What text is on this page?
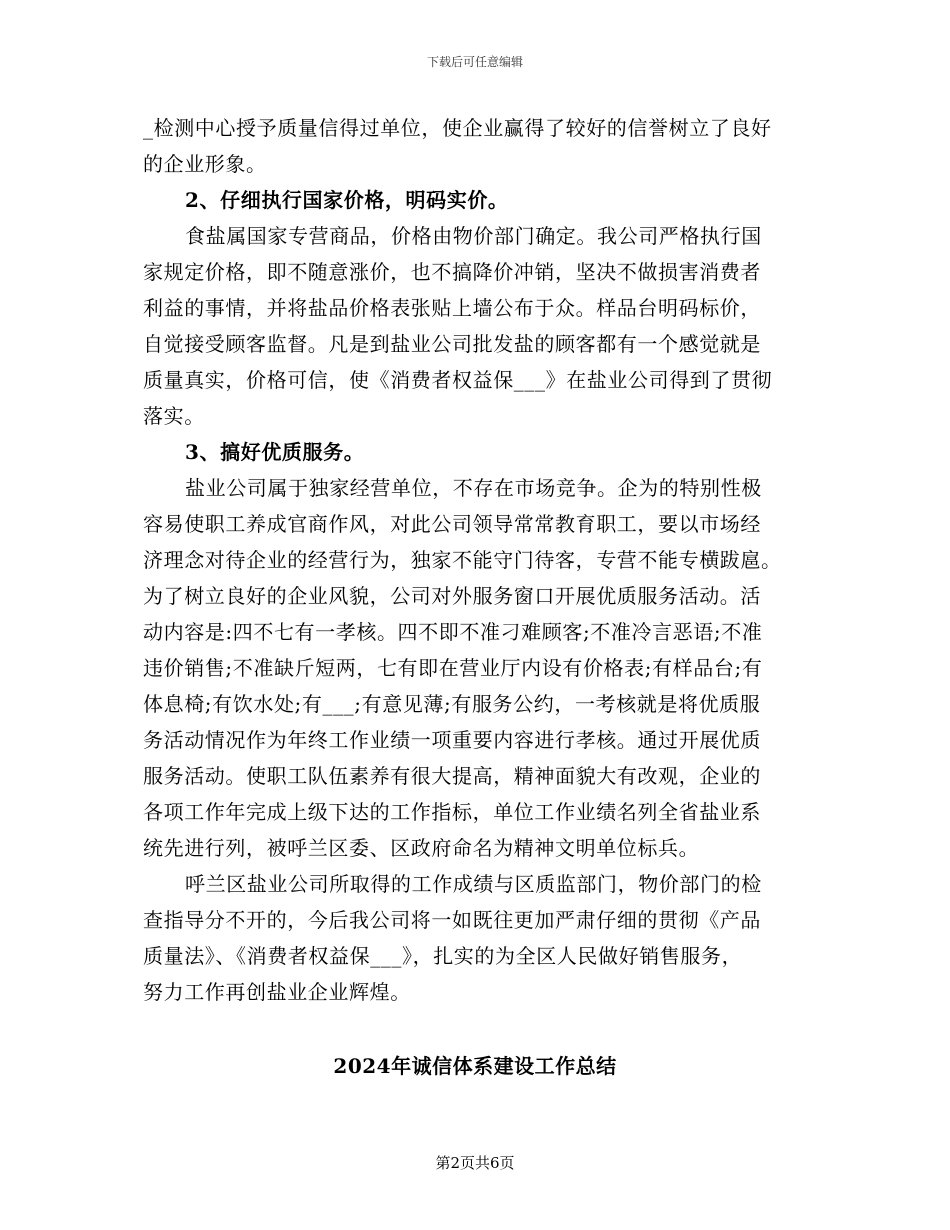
下载后可任意编辑
_检测中心授予质量信得过单位，使企业赢得了较好的信誉树立了良好
的企业形象。
2、仔细执行国家价格，明码实价。
食盐属国家专营商品，价格由物价部门确定。我公司严格执行国
家规定价格，即不随意涨价，也不搞降价冲销，坚决不做损害消费者
利益的事情，并将盐品价格表张贴上墙公布于众。样品台明码标价，
自觉接受顾客监督。凡是到盐业公司批发盐的顾客都有一个感觉就是
质量真实，价格可信，使《消费者权益保___》在盐业公司得到了贯彻
落实。
3、搞好优质服务。
盐业公司属于独家经营单位，不存在市场竞争。企为的特别性极
容易使职工养成官商作风，对此公司领导常常教育职工，要以市场经
济理念对待企业的经营行为，独家不能守门待客，专营不能专横跋扈。
为了树立良好的企业风貌，公司对外服务窗口开展优质服务活动。活
动内容是:四不七有一孝核。四不即不准刁难顾客;不准冷言恶语;不准
违价销售;不准缺斤短两，七有即在营业厅内设有价格表;有样品台;有
体息椅;有饮水处;有___;有意见薄;有服务公约，一考核就是将优质服
务活动情况作为年终工作业绩一项重要内容进行孝核。通过开展优质
服务活动。使职工队伍素养有很大提高，精神面貌大有改观，企业的
各项工作年完成上级下达的工作指标，单位工作业绩名列全省盐业系
统先进行列，被呼兰区委、区政府命名为精神文明单位标兵。
呼兰区盐业公司所取得的工作成绩与区质监部门，物价部门的检
查指导分不开的，今后我公司将一如既往更加严肃仔细的贯彻《产品
质量法》、《消费者权益保___》，扎实的为全区人民做好销售服务，
努力工作再创盐业企业辉煌。
2024年诚信体系建设工作总结
第2页共6页
